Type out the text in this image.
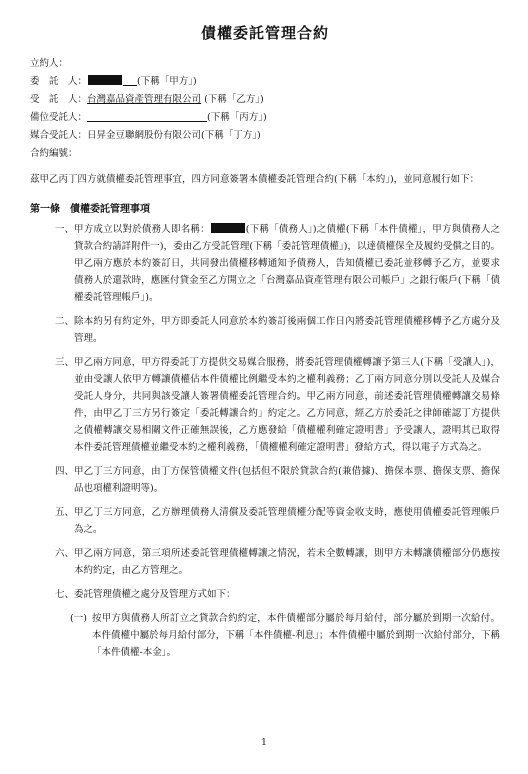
債權委託管理合約
立約人：
委　託　人：	(下稱「甲方」)
受　託　人：台灣嘉品資產管理有限公司 (下稱「乙方」)
備位受託人：	(下稱「丙方」)
媒合受託人：日昇金豆聯網股份有限公司(下稱「丁方」)
合約編號：
茲甲乙丙丁四方就債權委託管理事宜，四方同意簽署本債權委託管理合約(下稱「本約」)，並同意履行如下：
第一條　債權委託管理事項
一、 甲方成立以對於債務人即名稱：	(下稱「債務人」)之債權(下稱「本件債權」，甲方與債務人之貸款合約請詳附件一)，委由乙方受託管理(下稱「委託管理債權」)，以達債權保全及履約受償之目的。甲乙兩方應於本約簽訂日，共同發出債權移轉通知予債務人，告知債權已委託並移轉予乙方，並要求債務人於還款時，應匯付貸金至乙方開立之「台灣嘉品資產管理有限公司帳戶」之銀行帳戶(下稱「債權委託管理帳戶」)。
二、 除本約另有約定外，甲方即委託人同意於本約簽訂後兩個工作日內將委託管理債權移轉予乙方處分及管理。
三、 甲乙兩方同意，甲方得委託丁方提供交易媒合服務，將委託管理債權轉讓予第三人(下稱「受讓人」)，並由受讓人依甲方轉讓債權佔本件債權比例繼受本約之權利義務；乙丁兩方同意分別以受託人及媒合受託人身分，共同與該受讓人簽署債權委託管理合約。甲乙兩方同意，前述委託管理債權轉讓交易條件，由甲乙丁三方另行簽定「委託轉讓合約」約定之。乙方同意，經乙方於委託之律師確認丁方提供之債權轉讓交易相關文件正確無誤後，乙方應發給「債權權利確定證明書」予受讓人，證明其已取得本件委託管理債權並繼受本約之權利義務，「債權權利確定證明書」發給方式，得以電子方式為之。
四、 甲乙丁三方同意，由丁方保管債權文件(包括但不限於貸款合約(兼借據)、擔保本票、擔保支票、擔保品也項權利證明等)。
五、 甲乙丁三方同意，乙方辦理債務人清償及委託管理債權分配等資金收支時，應使用債權委託管理帳戶為之。
六、 甲乙兩方同意，第三項所述委託管理債權轉讓之情況，若未全數轉讓，則甲方未轉讓債權部分仍應按本約約定，由乙方管理之。
七、 委託管理債權之處分及管理方式如下：
(一) 按甲方與債務人所訂立之貸款合約約定，本件債權部分屬於每月給付，部分屬於到期一次給付。本件債權中屬於每月給付部分，下稱「本件債權-利息」；本件債權中屬於到期一次給付部分，下稱「本件債權-本金」。
1
